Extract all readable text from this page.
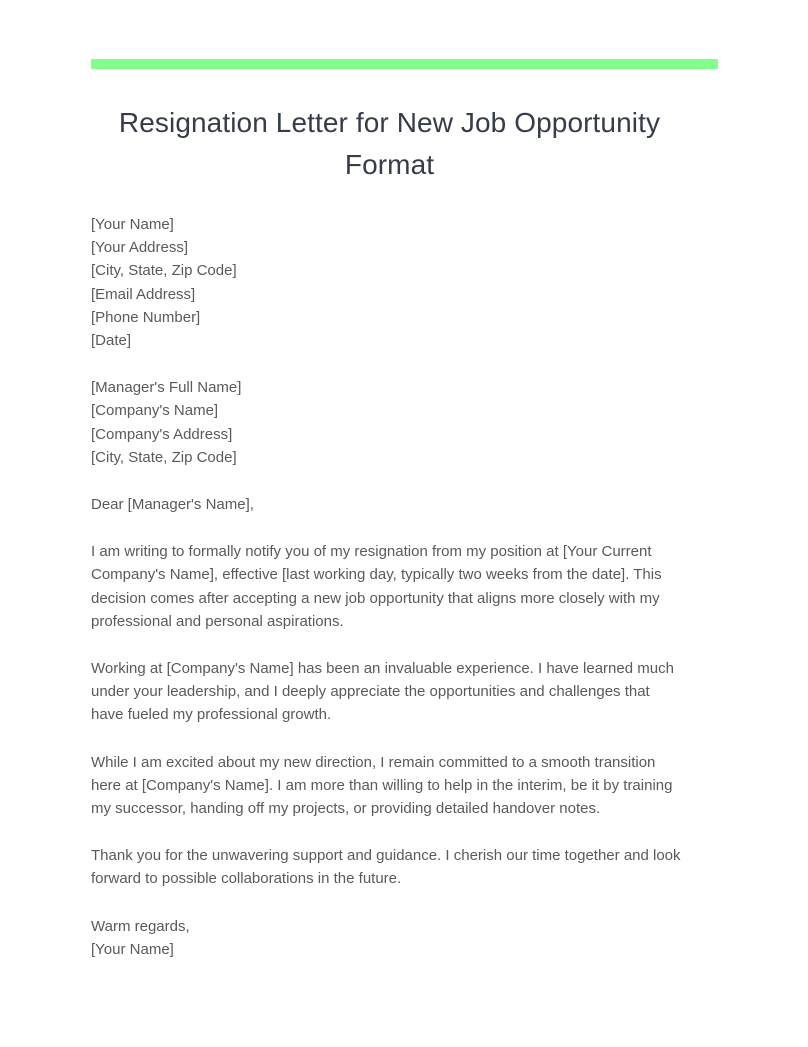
Resignation Letter for New Job Opportunity Format
[Your Name]
[Your Address]
[City, State, Zip Code]
[Email Address]
[Phone Number]
[Date]
[Manager's Full Name]
[Company's Name]
[Company's Address]
[City, State, Zip Code]
Dear [Manager's Name],

I am writing to formally notify you of my resignation from my position at [Your Current Company's Name], effective [last working day, typically two weeks from the date]. This decision comes after accepting a new job opportunity that aligns more closely with my professional and personal aspirations.

Working at [Company's Name] has been an invaluable experience. I have learned much under your leadership, and I deeply appreciate the opportunities and challenges that have fueled my professional growth.

While I am excited about my new direction, I remain committed to a smooth transition here at [Company's Name]. I am more than willing to help in the interim, be it by training my successor, handing off my projects, or providing detailed handover notes.

Thank you for the unwavering support and guidance. I cherish our time together and look forward to possible collaborations in the future.

Warm regards,
[Your Name]
